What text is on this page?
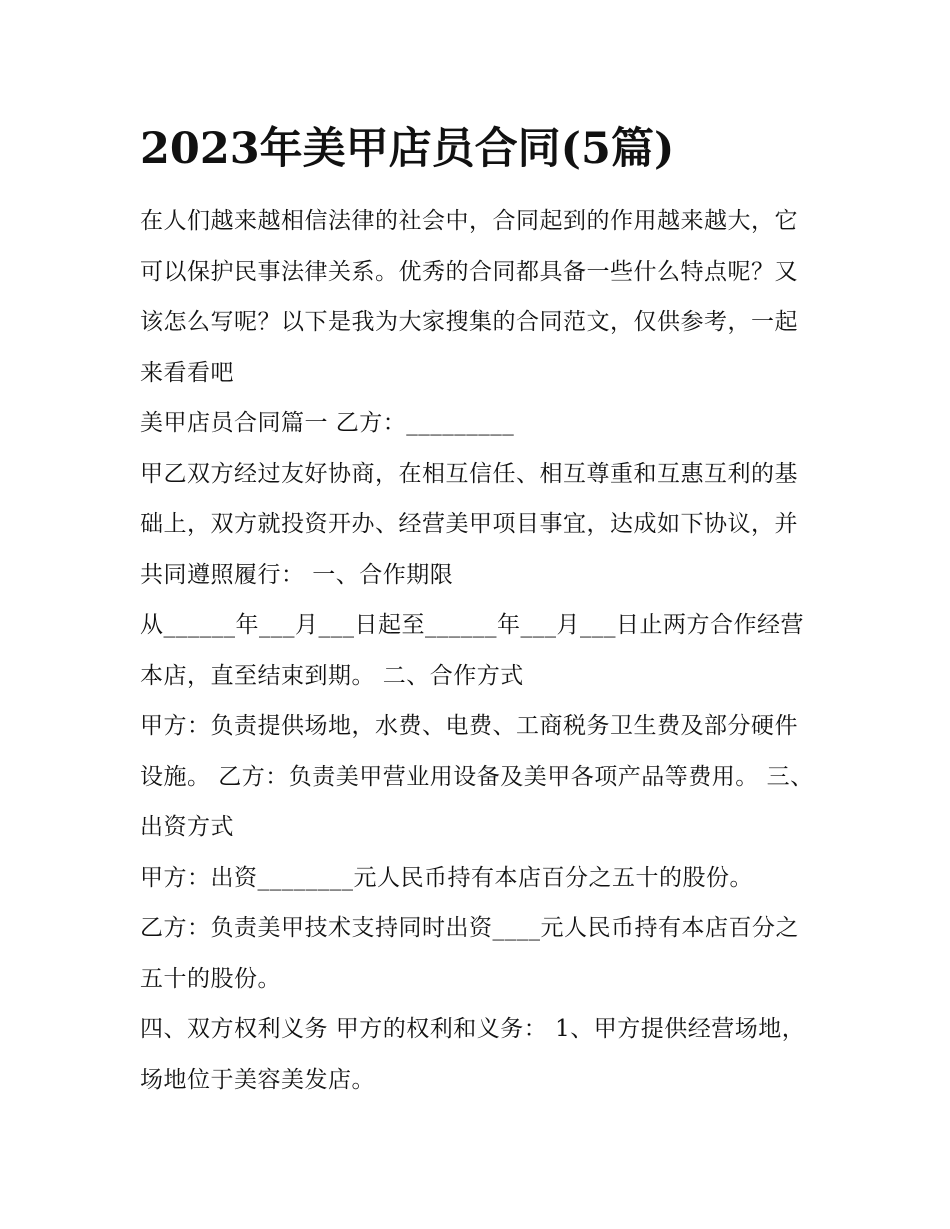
2023年美甲店员合同(5篇)

在人们越来越相信法律的社会中，合同起到的作用越来越大，它可以保护民事法律关系。优秀的合同都具备一些什么特点呢？又该怎么写呢？以下是我为大家搜集的合同范文，仅供参考，一起来看看吧

美甲店员合同篇一 乙方：_________

甲乙双方经过友好协商，在相互信任、相互尊重和互惠互利的基础上，双方就投资开办、经营美甲项目事宜，达成如下协议，并共同遵照履行： 一、合作期限

从______年___月___日起至______年___月___日止两方合作经营本店，直至结束到期。 二、合作方式

甲方：负责提供场地，水费、电费、工商税务卫生费及部分硬件设施。 乙方：负责美甲营业用设备及美甲各项产品等费用。 三、出资方式

甲方：出资________元人民币持有本店百分之五十的股份。

乙方：负责美甲技术支持同时出资____元人民币持有本店百分之五十的股份。

四、双方权利义务 甲方的权利和义务： 1、甲方提供经营场地，场地位于美容美发店。
